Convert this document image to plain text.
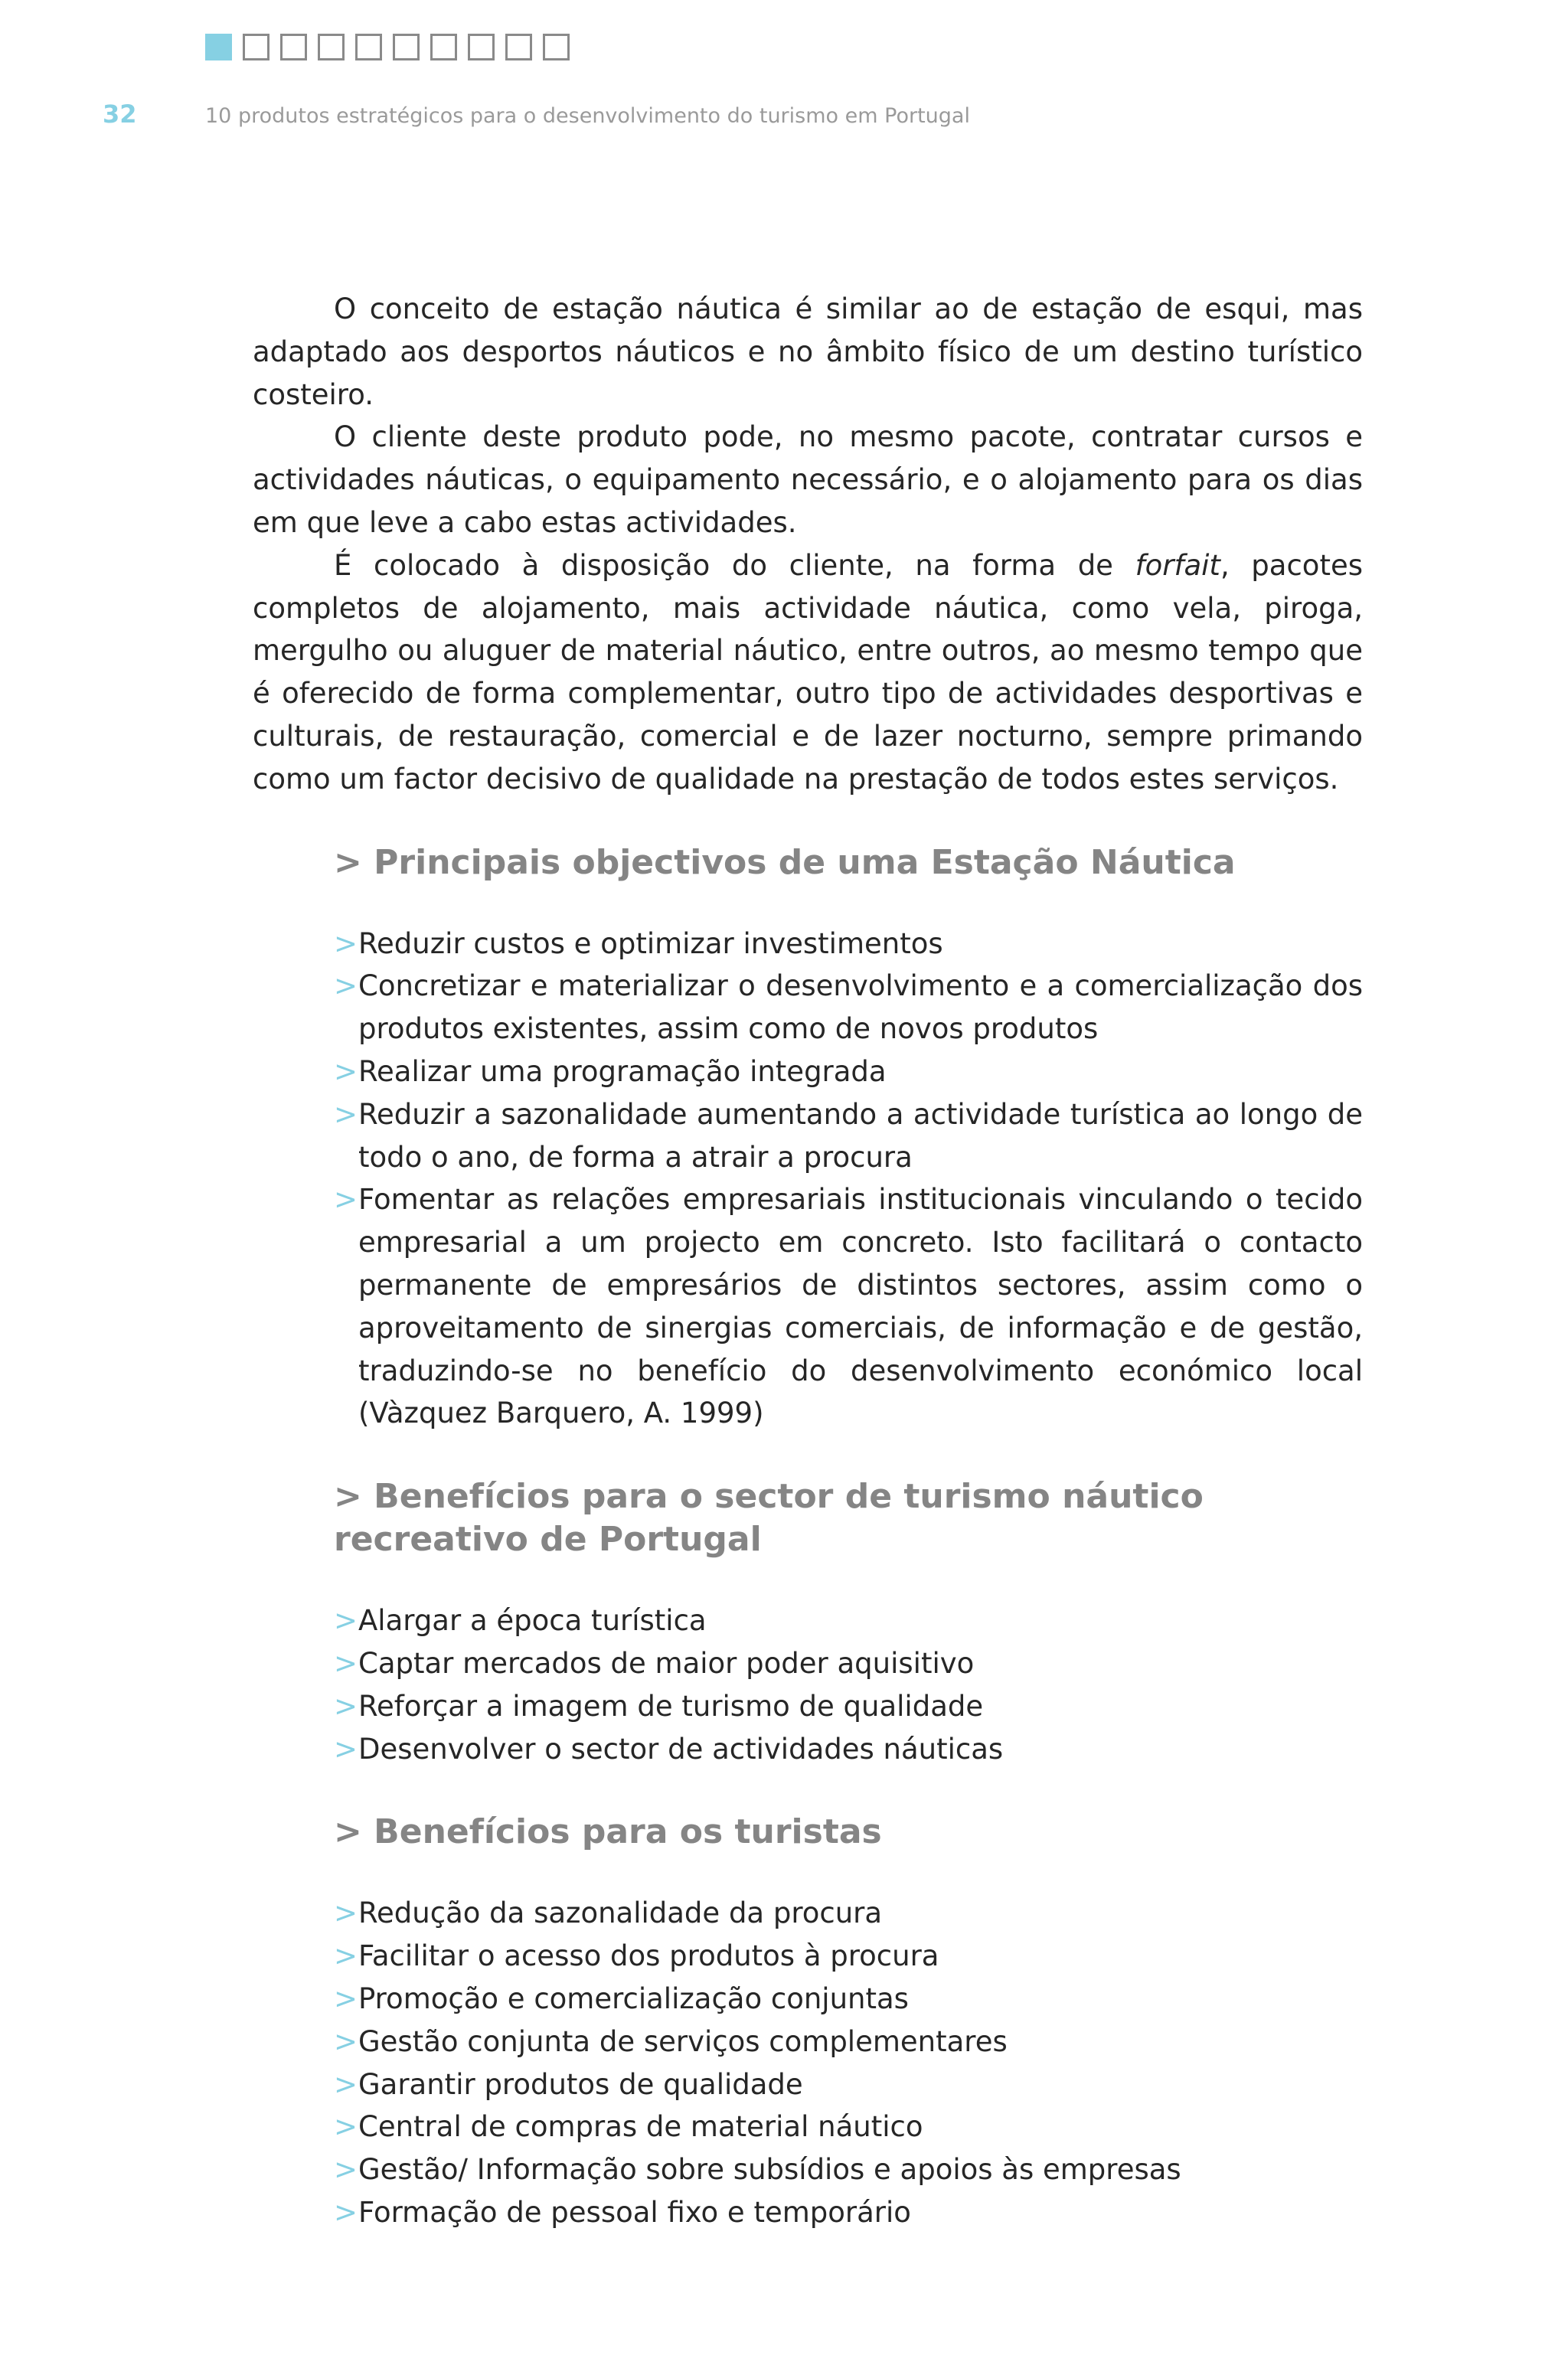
32	10 produtos estratégicos para o desenvolvimento do turismo em Portugal

O conceito de estação náutica é similar ao de estação de esqui, mas adaptado aos desportos náuticos e no âmbito físico de um destino turístico costeiro.

O cliente deste produto pode, no mesmo pacote, contratar cursos e actividades náuticas, o equipamento necessário, e o alojamento para os dias em que leve a cabo estas actividades.

É colocado à disposição do cliente, na forma de forfait, pacotes completos de alojamento, mais actividade náutica, como vela, piroga, mergulho ou aluguer de material náutico, entre outros, ao mesmo tempo que é oferecido de forma complementar, outro tipo de actividades desportivas e culturais, de restauração, comercial e de lazer nocturno, sempre primando como um factor decisivo de qualidade na prestação de todos estes serviços.

> Principais objectivos de uma Estação Náutica
> Reduzir custos e optimizar investimentos
> Concretizar e materializar o desenvolvimento e a comercialização dos produtos existentes, assim como de novos produtos
> Realizar uma programação integrada
> Reduzir a sazonalidade aumentando a actividade turística ao longo de todo o ano, de forma a atrair a procura
> Fomentar as relações empresariais institucionais vinculando o tecido empresarial a um projecto em concreto. Isto facilitará o contacto permanente de empresários de distintos sectores, assim como o aproveitamento de sinergias comerciais, de informação e de gestão, traduzindo-se no benefício do desenvolvimento económico local (Vàzquez Barquero, A. 1999)
> Benefícios para o sector de turismo náutico recreativo de Portugal
> Alargar a época turística
> Captar mercados de maior poder aquisitivo
> Reforçar a imagem de turismo de qualidade
> Desenvolver o sector de actividades náuticas
> Benefícios para os turistas
> Redução da sazonalidade da procura
> Facilitar o acesso dos produtos à procura
> Promoção e comercialização conjuntas
> Gestão conjunta de serviços complementares
> Garantir produtos de qualidade
> Central de compras de material náutico
> Gestão/ Informação sobre subsídios e apoios às empresas
> Formação de pessoal fixo e temporário
